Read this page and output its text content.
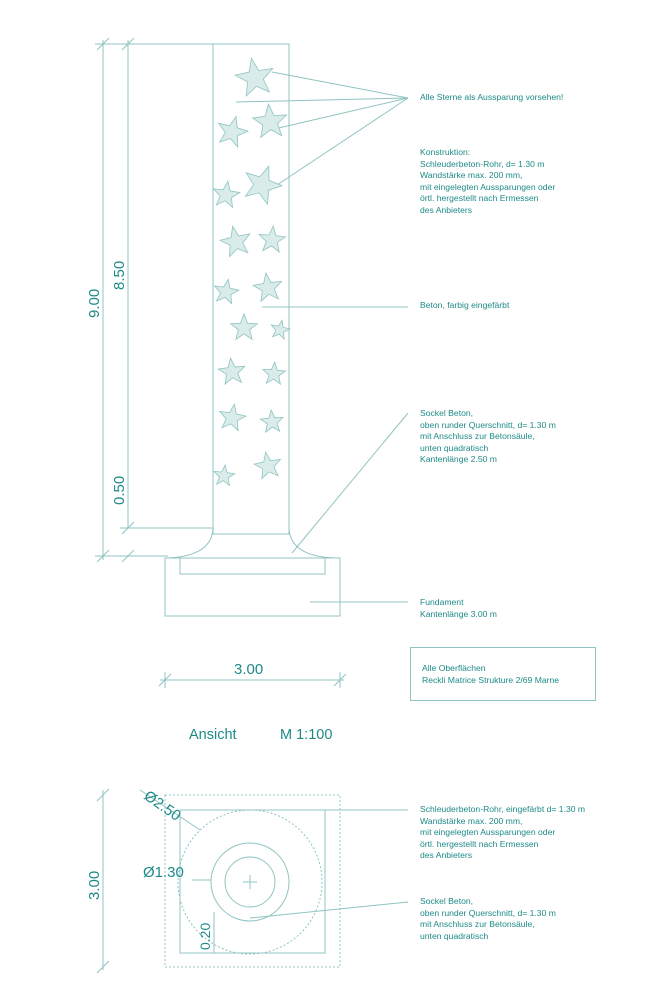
9.00
8.50
0.50
3.00
3.00
Ø2.50
Ø1.30
0.20
Alle Sterne als Aussparung vorsehen!
Konstruktion:
Schleuderbeton-Rohr, d= 1.30 m
Wandstärke max. 200 mm,
mit eingelegten Aussparungen oder
örtl. hergestellt nach Ermessen
des Anbieters
Beton, farbig eingefärbt
Sockel Beton,
oben runder Querschnitt, d= 1.30 m
mit Anschluss zur Betonsäule,
unten quadratisch
Kantenlänge 2.50 m
Fundament
Kantenlänge 3.00 m
Alle Oberflächen
Reckli Matrice Strukture 2/69 Marne
Ansicht	M 1:100
Schleuderbeton-Rohr, eingefärbt d= 1.30 m
Wandstärke max. 200 mm,
mit eingelegten Aussparungen oder
örtl. hergestellt nach Ermessen
des Anbieters
Sockel Beton,
oben runder Querschnitt, d= 1.30 m
mit Anschluss zur Betonsäule,
unten quadratisch
